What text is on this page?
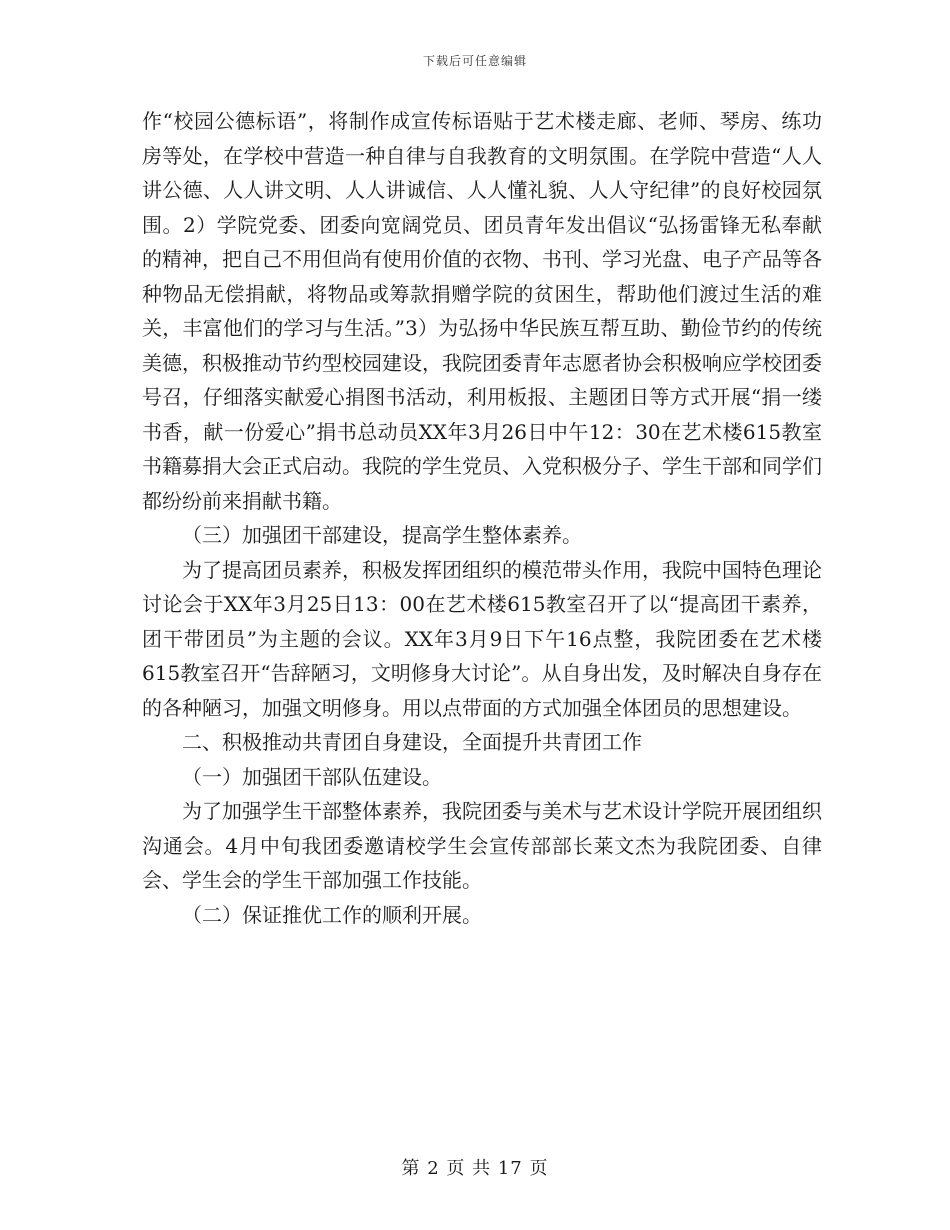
下载后可任意编辑

作“校园公德标语”，将制作成宣传标语贴于艺术楼走廊、老师、琴房、练功房等处，在学校中营造一种自律与自我教育的文明氛围。在学院中营造“人人讲公德、人人讲文明、人人讲诚信、人人懂礼貌、人人守纪律”的良好校园氛围。2）学院党委、团委向宽阔党员、团员青年发出倡议“弘扬雷锋无私奉献的精神，把自己不用但尚有使用价值的衣物、书刊、学习光盘、电子产品等各种物品无偿捐献，将物品或筹款捐赠学院的贫困生，帮助他们渡过生活的难关，丰富他们的学习与生活。”3）为弘扬中华民族互帮互助、勤俭节约的传统美德，积极推动节约型校园建设，我院团委青年志愿者协会积极响应学校团委号召，仔细落实献爱心捐图书活动，利用板报、主题团日等方式开展“捐一缕书香，献一份爱心”捐书总动员XX年3月26日中午12：30在艺术楼615教室书籍募捐大会正式启动。我院的学生党员、入党积极分子、学生干部和同学们都纷纷前来捐献书籍。

（三）加强团干部建设，提高学生整体素养。

为了提高团员素养，积极发挥团组织的模范带头作用，我院中国特色理论讨论会于XX年3月25日13：00在艺术楼615教室召开了以“提高团干素养，团干带团员”为主题的会议。XX年3月9日下午16点整，我院团委在艺术楼615教室召开“告辞陋习，文明修身大讨论”。从自身出发，及时解决自身存在的各种陋习，加强文明修身。用以点带面的方式加强全体团员的思想建设。

二、积极推动共青团自身建设，全面提升共青团工作

（一）加强团干部队伍建设。

为了加强学生干部整体素养，我院团委与美术与艺术设计学院开展团组织沟通会。4月中旬我团委邀请校学生会宣传部部长莱文杰为我院团委、自律会、学生会的学生干部加强工作技能。

（二）保证推优工作的顺利开展。

第 2 页 共 17 页
